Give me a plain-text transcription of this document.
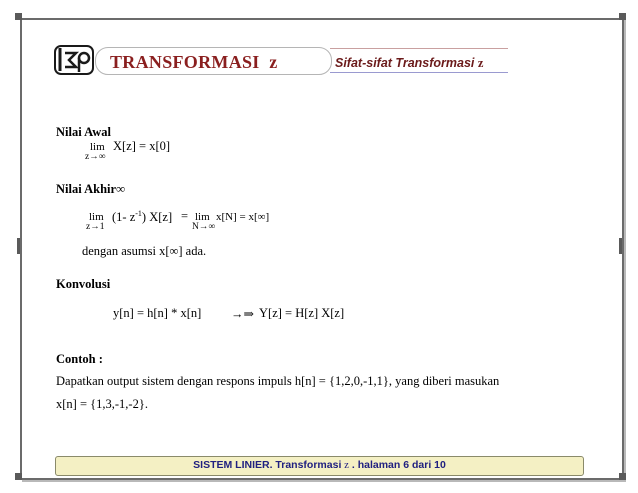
TRANSFORMASI z	Sifat-sifat Transformasi z
Nilai Awal
lim
z→∞
X[z] = x[0]
Nilai Akhir∞
lim
z→1
(1- $z^{-1}$) X[z] = lim
N→∞
x[N] = x[∞]
dengan asumsi x[∞] ada.
Konvolusi
y[n] = h[n] * x[n] →⇒ Y[z] = H[z] X[z]
Contoh :
Dapatkan output sistem dengan respons impuls h[n] = {1,2,0,-1,1}, yang diberi masukan
x[n] = {1,3,-1,-2}.
SISTEM LINIER. Transformasi z . halaman 6 dari 10
